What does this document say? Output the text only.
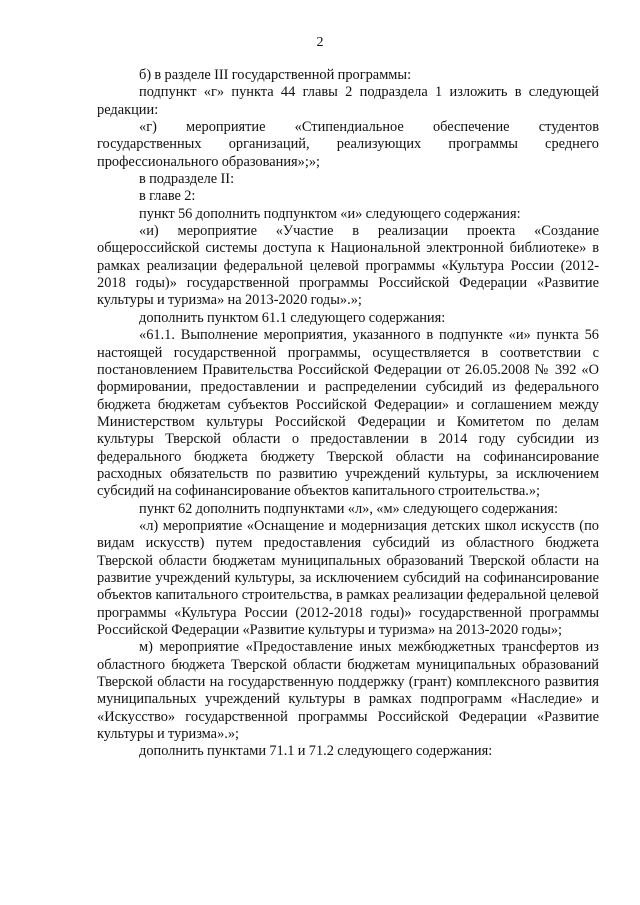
2

б) в разделе III государственной программы:

подпункт «г» пункта 44 главы 2 подраздела 1 изложить в следующей редакции:

«г) мероприятие «Стипендиальное обеспечение студентов государственных организаций, реализующих программы среднего профессионального образования»;»;

в подразделе II:

в главе 2:

пункт 56 дополнить подпунктом «и» следующего содержания:

«и) мероприятие «Участие в реализации проекта «Создание общероссийской системы доступа к Национальной электронной библиотеке» в рамках реализации федеральной целевой программы «Культура России (2012-2018 годы)» государственной программы Российской Федерации «Развитие культуры и туризма» на 2013-2020 годы».»;

дополнить пунктом 61.1 следующего содержания:

«61.1. Выполнение мероприятия, указанного в подпункте «и» пункта 56 настоящей государственной программы, осуществляется в соответствии с постановлением Правительства Российской Федерации от 26.05.2008 № 392 «О формировании, предоставлении и распределении субсидий из федерального бюджета бюджетам субъектов Российской Федерации» и соглашением между Министерством культуры Российской Федерации и Комитетом по делам культуры Тверской области о предоставлении в 2014 году субсидии из федерального бюджета бюджету Тверской области на софинансирование расходных обязательств по развитию учреждений культуры, за исключением субсидий на софинансирование объектов капитального строительства.»;

пункт 62 дополнить подпунктами «л», «м» следующего содержания:

«л) мероприятие «Оснащение и модернизация детских школ искусств (по видам искусств) путем предоставления субсидий из областного бюджета Тверской области бюджетам муниципальных образований Тверской области на развитие учреждений культуры, за исключением субсидий на софинансирование объектов капитального строительства, в рамках реализации федеральной целевой программы «Культура России (2012-2018 годы)» государственной программы Российской Федерации «Развитие культуры и туризма» на 2013-2020 годы»;

м) мероприятие «Предоставление иных межбюджетных трансфертов из областного бюджета Тверской области бюджетам муниципальных образований Тверской области на государственную поддержку (грант) комплексного развития муниципальных учреждений культуры в рамках подпрограмм «Наследие» и «Искусство» государственной программы Российской Федерации «Развитие культуры и туризма».»;

дополнить пунктами 71.1 и 71.2 следующего содержания:
